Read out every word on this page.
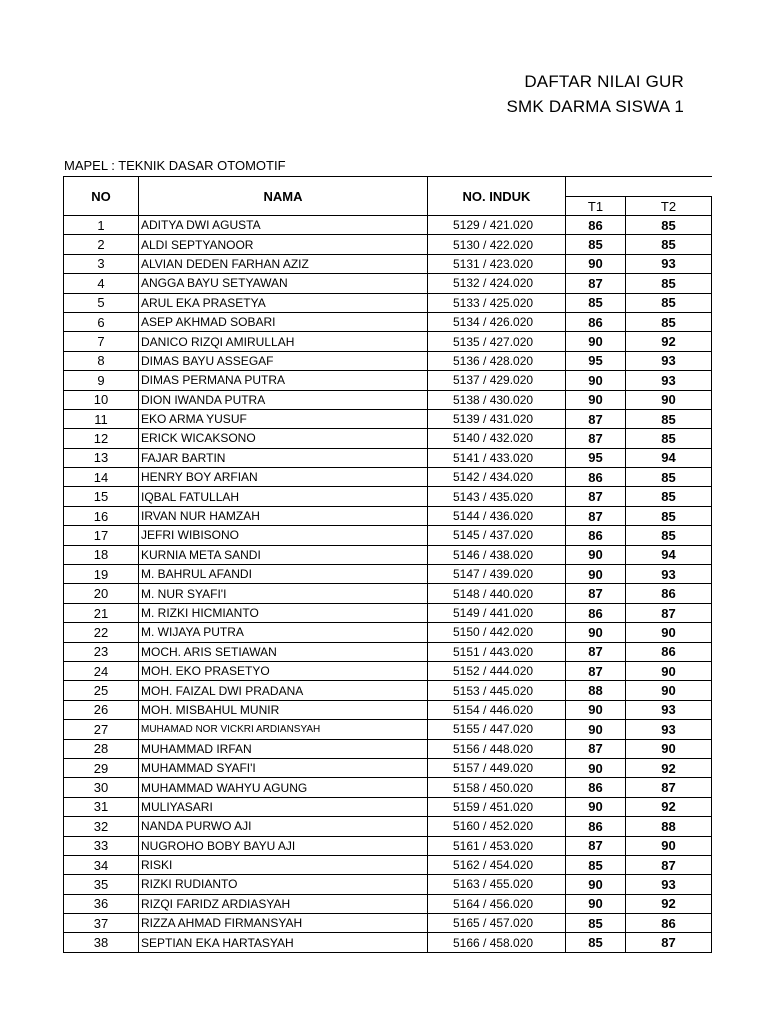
DAFTAR NILAI GUR
SMK DARMA SISWA 1
MAPEL : TEKNIK DASAR OTOMOTIF
NO	NAMA	NO. INDUK		
			T1	T2
1	ADITYA DWI AGUSTA	5129 / 421.020	86	85
2	ALDI SEPTYANOOR	5130 / 422.020	85	85
3	ALVIAN DEDEN FARHAN AZIZ	5131 / 423.020	90	93
4	ANGGA BAYU SETYAWAN	5132 / 424.020	87	85
5	ARUL EKA PRASETYA	5133 / 425.020	85	85
6	ASEP AKHMAD SOBARI	5134 / 426.020	86	85
7	DANICO RIZQI AMIRULLAH	5135 / 427.020	90	92
8	DIMAS BAYU ASSEGAF	5136 / 428.020	95	93
9	DIMAS PERMANA PUTRA	5137 / 429.020	90	93
10	DION IWANDA PUTRA	5138 / 430.020	90	90
11	EKO ARMA YUSUF	5139 / 431.020	87	85
12	ERICK WICAKSONO	5140 / 432.020	87	85
13	FAJAR BARTIN	5141 / 433.020	95	94
14	HENRY BOY ARFIAN	5142 / 434.020	86	85
15	IQBAL FATULLAH	5143 / 435.020	87	85
16	IRVAN NUR HAMZAH	5144 / 436.020	87	85
17	JEFRI WIBISONO	5145 / 437.020	86	85
18	KURNIA META SANDI	5146 / 438.020	90	94
19	M. BAHRUL AFANDI	5147 / 439.020	90	93
20	M. NUR SYAFI'I	5148 / 440.020	87	86
21	M. RIZKI HICMIANTO	5149 / 441.020	86	87
22	M. WIJAYA PUTRA	5150 / 442.020	90	90
23	MOCH. ARIS SETIAWAN	5151 / 443.020	87	86
24	MOH. EKO PRASETYO	5152 / 444.020	87	90
25	MOH. FAIZAL DWI PRADANA	5153 / 445.020	88	90
26	MOH. MISBAHUL MUNIR	5154 / 446.020	90	93
27	MUHAMAD NOR VICKRI ARDIANSYAH	5155 / 447.020	90	93
28	MUHAMMAD IRFAN	5156 / 448.020	87	90
29	MUHAMMAD SYAFI'I	5157 / 449.020	90	92
30	MUHAMMAD WAHYU AGUNG	5158 / 450.020	86	87
31	MULIYASARI	5159 / 451.020	90	92
32	NANDA PURWO AJI	5160 / 452.020	86	88
33	NUGROHO BOBY BAYU AJI	5161 / 453.020	87	90
34	RISKI	5162 / 454.020	85	87
35	RIZKI RUDIANTO	5163 / 455.020	90	93
36	RIZQI FARIDZ ARDIASYAH	5164 / 456.020	90	92
37	RIZZA AHMAD FIRMANSYAH	5165 / 457.020	85	86
38	SEPTIAN EKA HARTASYAH	5166 / 458.020	85	87
